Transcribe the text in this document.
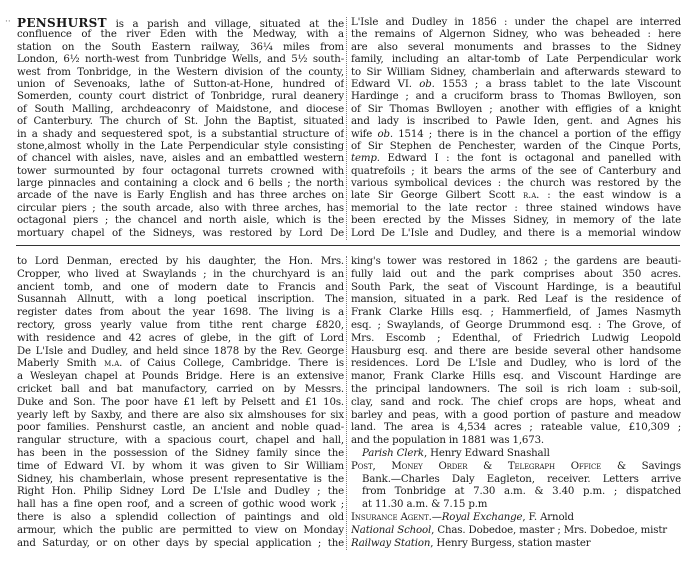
·· PENSHURST is a parish and village, situated at the
confluence of the river Eden with the Medway, with a
station on the South Eastern railway, 36¼ miles from
London, 6½ north-west from Tunbridge Wells, and 5½ south-
west from Tonbridge, in the Western division of the county,
union of Sevenoaks, lathe of Sutton-at-Hone, hundred of
Somerden, county court district of Tonbridge, rural deanery
of South Malling, archdeaconry of Maidstone, and diocese
of Canterbury. The church of St. John the Baptist, situated
in a shady and sequestered spot, is a substantial structure of
stone,almost wholly in the Late Perpendicular style consisting
of chancel with aisles, nave, aisles and an embattled western
tower surmounted by four octagonal turrets crowned with
large pinnacles and containing a clock and 6 bells ; the north
arcade of the nave is Early English and has three arches on
circular piers ; the south arcade, also with three arches, has
octagonal piers ; the chancel and north aisle, which is the
mortuary chapel of the Sidneys, was restored by Lord De
L'Isle and Dudley in 1856 : under the chapel are interred
the remains of Algernon Sidney, who was beheaded : here
are also several monuments and brasses to the Sidney
family, including an altar-tomb of Late Perpendicular work
to Sir William Sidney, chamberlain and afterwards steward to
Edward VI. ob. 1553 ; a brass tablet to the late Viscount
Hardinge ; and a cruciform brass to Thomas Bwlloyen, son
of Sir Thomas Bwlloyen ; another with effigies of a knight
and lady is inscribed to Pawle Iden, gent. and Agnes his
wife ob. 1514 ; there is in the chancel a portion of the effigy
of Sir Stephen de Penchester, warden of the Cinque Ports,
temp. Edward I : the font is octagonal and panelled with
quatrefoils ; it bears the arms of the see of Canterbury and
various symbolical devices : the church was restored by the
late Sir George Gilbert Scott r.a. : the east window is a
memorial to the late rector : three stained windows have
been erected by the Misses Sidney, in memory of the late
Lord De L'Isle and Dudley, and there is a memorial window
to Lord Denman, erected by his daughter, the Hon. Mrs.
Cropper, who lived at Swaylands ; in the churchyard is an
ancient tomb, and one of modern date to Francis and
Susannah Allnutt, with a long poetical inscription. The
register dates from about the year 1698. The living is a
rectory, gross yearly value from tithe rent charge £820,
with residence and 42 acres of glebe, in the gift of Lord
De L'Isle and Dudley, and held since 1878 by the Rev. George
Maberly Smith m.a. of Caius College, Cambridge. There is
a Wesleyan chapel at Pounds Bridge. Here is an extensive
cricket ball and bat manufactory, carried on by Messrs.
Duke and Son. The poor have £1 left by Pelsett and £1 10s.
yearly left by Saxby, and there are also six almshouses for six
poor families. Penshurst castle, an ancient and noble quad-
rangular structure, with a spacious court, chapel and hall,
has been in the possession of the Sidney family since the
time of Edward VI. by whom it was given to Sir William
Sidney, his chamberlain, whose present representative is the
Right Hon. Philip Sidney Lord De L'Isle and Dudley ; the
hall has a fine open roof, and a screen of gothic wood work ;
there is also a splendid collection of paintings and old
armour, which the public are permitted to view on Monday
and Saturday, or on other days by special application ; the
king's tower was restored in 1862 ; the gardens are beauti-
fully laid out and the park comprises about 350 acres.
South Park, the seat of Viscount Hardinge, is a beautiful
mansion, situated in a park. Red Leaf is the residence of
Frank Clarke Hills esq. ; Hammerfield, of James Nasmyth
esq. ; Swaylands, of George Drummond esq. : The Grove, of
Mrs. Escomb ; Edenthal, of Friedrich Ludwig Leopold
Hausburg esq. and there are beside several other handsome
residences. Lord De L'Isle and Dudley, who is lord of the
manor, Frank Clarke Hills esq. and Viscount Hardinge are
the principal landowners. The soil is rich loam : sub-soil,
clay, sand and rock. The chief crops are hops, wheat and
barley and peas, with a good portion of pasture and meadow
land. The area is 4,534 acres ; rateable value, £10,309 ;
and the population in 1881 was 1,673.
Parish Clerk, Henry Edward Snashall
Post, Money Order & Telegraph Office & Savings
Bank.—Charles Daly Eagleton, receiver. Letters arrive
from Tonbridge at 7.30 a.m. & 3.40 p.m. ; dispatched
at 11.30 a.m. & 7.15 p.m
Insurance Agent.—Royal Exchange, F. Arnold
National School, Chas. Dobedoe, master ; Mrs. Dobedoe, mistr
Railway Station, Henry Burgess, station master
